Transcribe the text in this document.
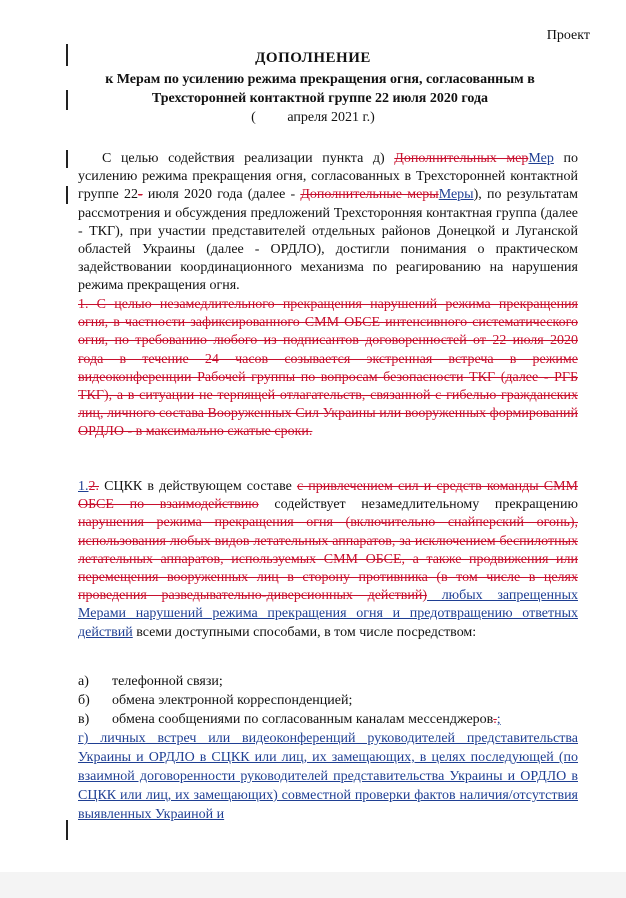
Проект
ДОПОЛНЕНИЕ
к Мерам по усилению режима прекращения огня, согласованным в
Трехсторонней контактной группе 22 июля 2020 года
( апреля 2021 г.)
С целью содействия реализации пункта д) Дополнительных мерМер по усилению режима прекращения огня, согласованных в Трехсторонней контактной группе 22- июля 2020 года (далее - Дополнительные мерыМеры), по результатам рассмотрения и обсуждения предложений Трехсторонняя контактная группа (далее - ТКГ), при участии представителей отдельных районов Донецкой и Луганской областей Украины (далее - ОРДЛО), достигли понимания о практическом задействовании координационного механизма по реагированию на нарушения режима прекращения огня.
1. С целью незамедлительного прекращения нарушений режима прекращения огня, в частности зафиксированного СММ ОБСЕ интенсивного систематического огня, по требованию любого из подписантов договоренностей от 22 июля 2020 года в течение 24 часов созывается экстренная встреча в режиме видеоконференции Рабочей группы по вопросам безопасности ТКГ (далее - РГБ ТКГ), а в ситуации не терпящей отлагательств, связанной с гибелью гражданских лиц, личного состава Вооруженных Сил Украины или вооруженных формирований ОРДЛО - в максимально сжатые сроки.
1.2. СЦКК в действующем составе с привлечением сил и средств команды СММ ОБСЕ по взаимодействию содействует незамедлительному прекращению нарушения режима прекращения огня (включительно снайперский огонь), использования любых видов летательных аппаратов, за исключением беспилотных летательных аппаратов, используемых СММ ОБСЕ, а также продвижения или перемещения вооруженных лиц в сторону противника (в том числе в целях проведения разведывательно-диверсионных действий) любых запрещенных Мерами нарушений режима прекращения огня и предотвращению ответных действий всеми доступными способами, в том числе посредством:
а)	телефонной связи;
б)	обмена электронной корреспонденцией;
в)	обмена сообщениями по согласованным каналам мессенджеров.;
г) личных встреч или видеоконференций руководителей представительства Украины и ОРДЛО в СЦКК или лиц, их замещающих, в целях последующей (по взаимной договоренности руководителей представительства Украины и ОРДЛО в СЦКК или лиц, их замещающих) совместной проверки фактов наличия/отсутствия выявленных Украиной и
